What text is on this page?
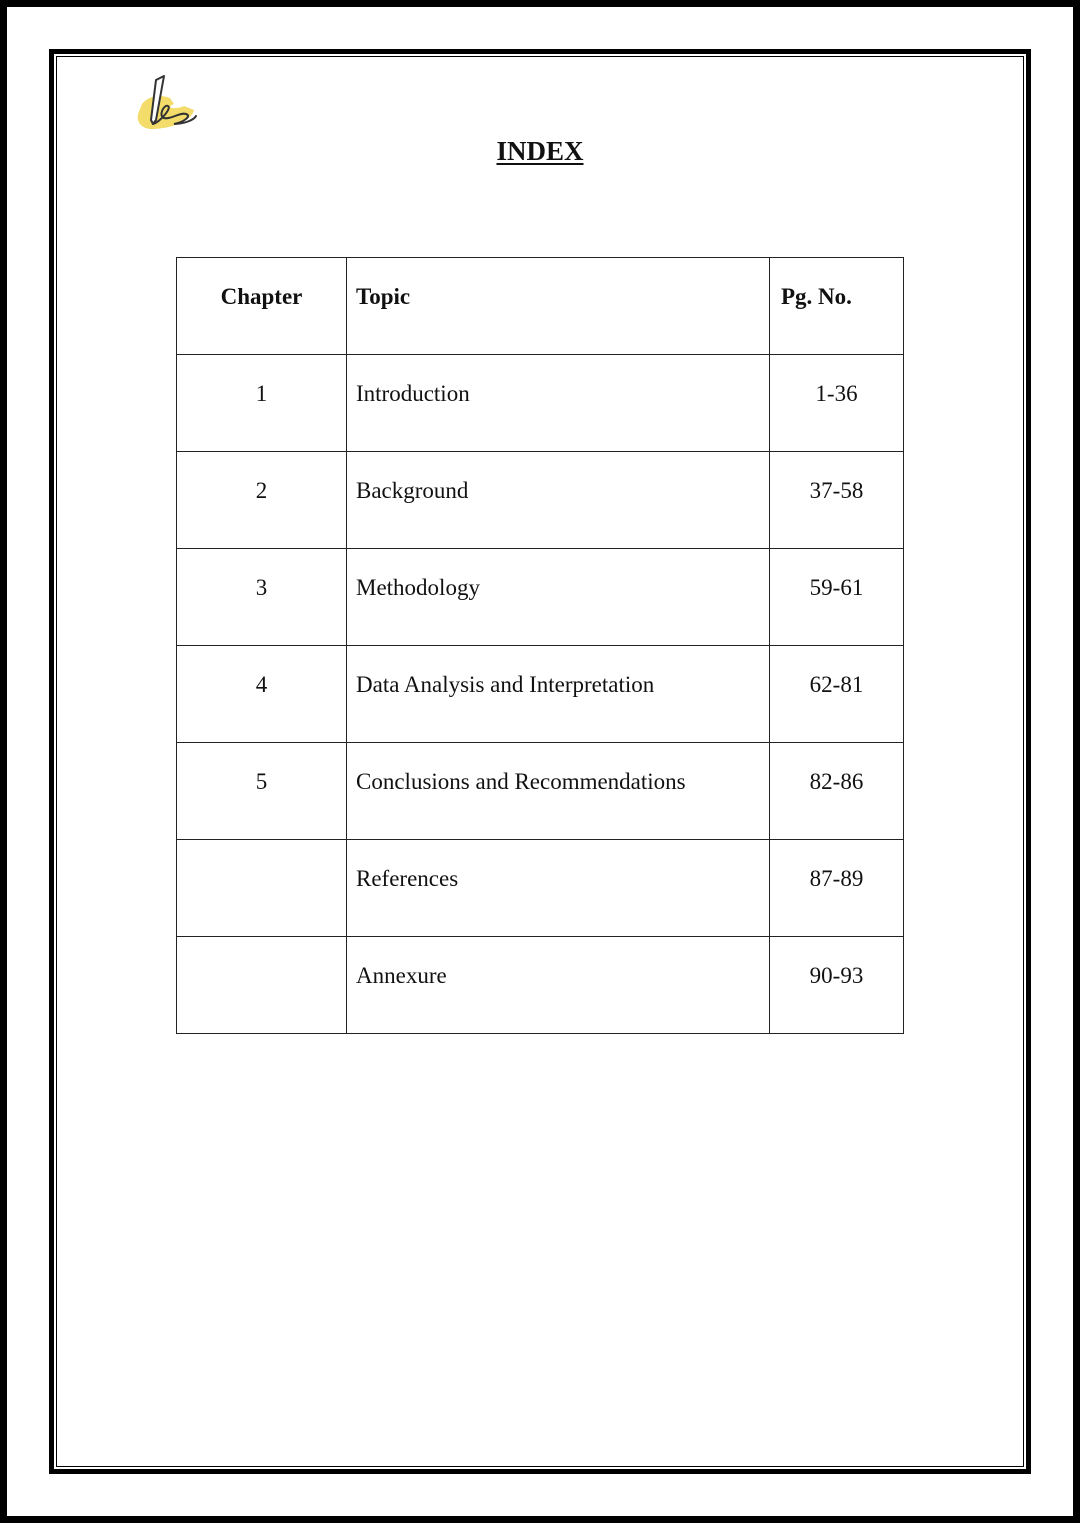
INDEX
Chapter	Topic	Pg. No.

1	Introduction	1-36

2	Background	37-58

3	Methodology	59-61

4	Data Analysis and Interpretation	62-81

5	Conclusions and Recommendations	82-86

	References	87-89

	Annexure	90-93
